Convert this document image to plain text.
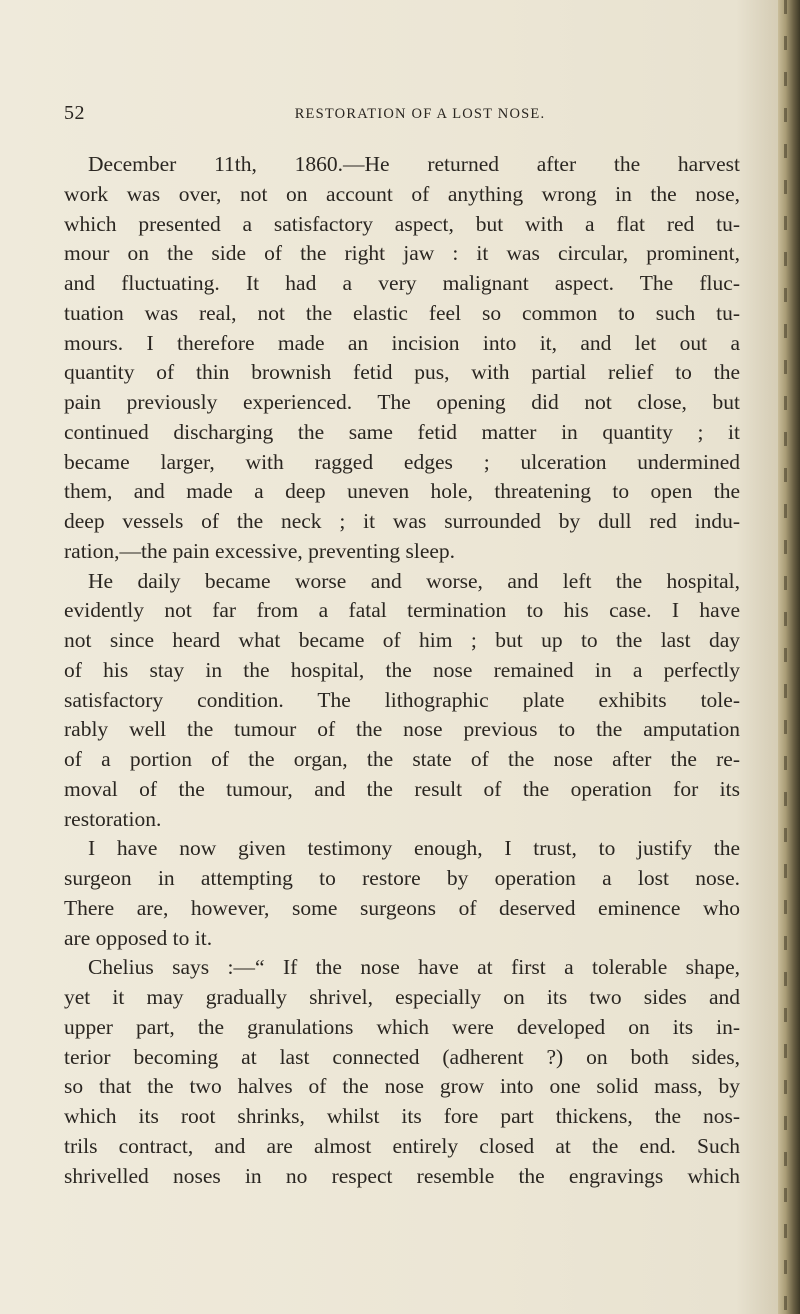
52	RESTORATION OF A LOST NOSE.
December 11th, 1860.—He returned after the harvest
work was over, not on account of anything wrong in the nose,
which presented a satisfactory aspect, but with a flat red tu-
mour on the side of the right jaw : it was circular, prominent,
and fluctuating. It had a very malignant aspect. The fluc-
tuation was real, not the elastic feel so common to such tu-
mours. I therefore made an incision into it, and let out a
quantity of thin brownish fetid pus, with partial relief to the
pain previously experienced. The opening did not close, but
continued discharging the same fetid matter in quantity ; it
became larger, with ragged edges ; ulceration undermined
them, and made a deep uneven hole, threatening to open the
deep vessels of the neck ; it was surrounded by dull red indu-
ration,—the pain excessive, preventing sleep.
He daily became worse and worse, and left the hospital,
evidently not far from a fatal termination to his case. I have
not since heard what became of him ; but up to the last day
of his stay in the hospital, the nose remained in a perfectly
satisfactory condition. The lithographic plate exhibits tole-
rably well the tumour of the nose previous to the amputation
of a portion of the organ, the state of the nose after the re-
moval of the tumour, and the result of the operation for its
restoration.
I have now given testimony enough, I trust, to justify the
surgeon in attempting to restore by operation a lost nose.
There are, however, some surgeons of deserved eminence who
are opposed to it.
Chelius says :—“ If the nose have at first a tolerable shape,
yet it may gradually shrivel, especially on its two sides and
upper part, the granulations which were developed on its in-
terior becoming at last connected (adherent ?) on both sides,
so that the two halves of the nose grow into one solid mass, by
which its root shrinks, whilst its fore part thickens, the nos-
trils contract, and are almost entirely closed at the end. Such
shrivelled noses in no respect resemble the engravings which
